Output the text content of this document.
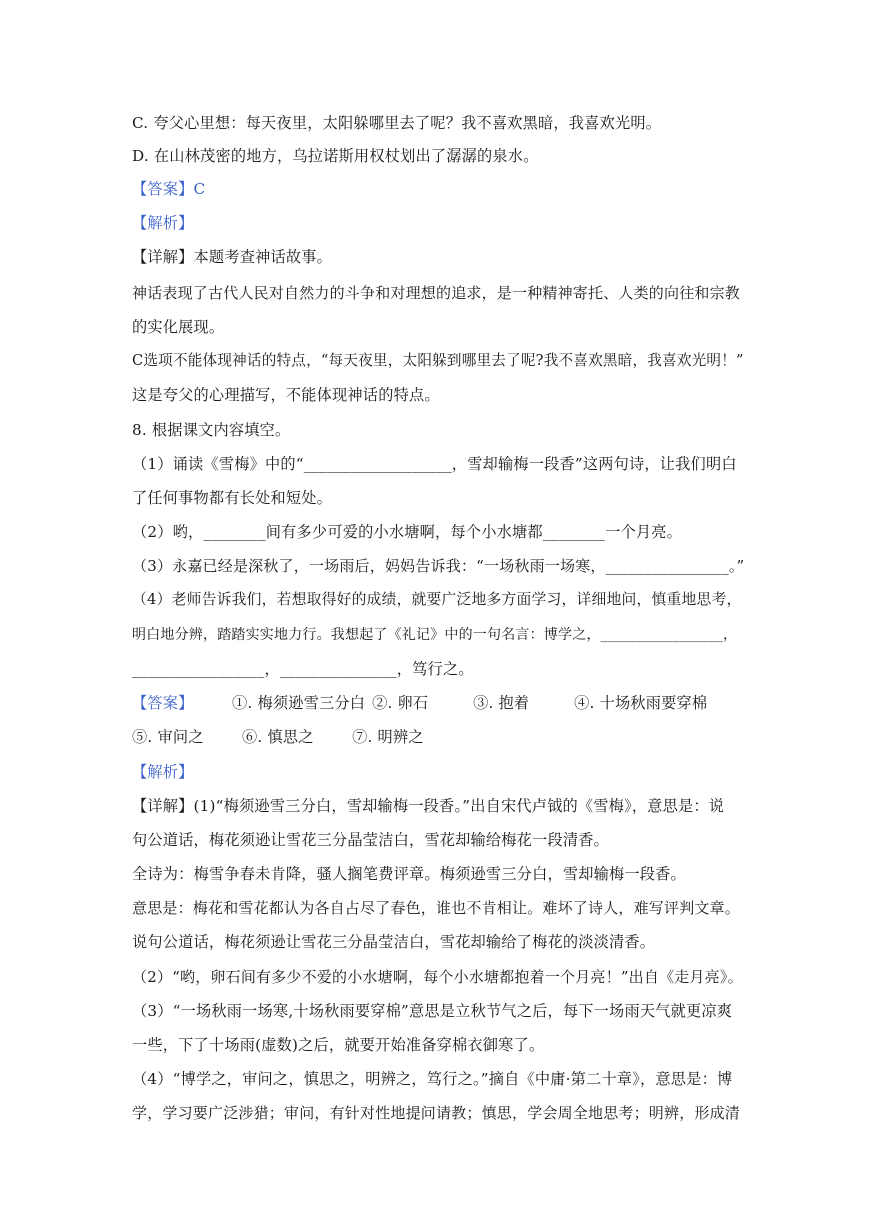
C. 夸父心里想：每天夜里，太阳躲哪里去了呢？我不喜欢黑暗，我喜欢光明。
D. 在山林茂密的地方，乌拉诺斯用权杖划出了潺潺的泉水。
【答案】C
【解析】
【详解】本题考查神话故事。
神话表现了古代人民对自然力的斗争和对理想的追求，是一种精神寄托、人类的向往和宗教
的实化展现。
C选项不能体现神话的特点，“每天夜里，太阳躲到哪里去了呢?我不喜欢黑暗，我喜欢光明！”
这是夸父的心理描写，不能体现神话的特点。
8. 根据课文内容填空。
（1）诵读《雪梅》中的“___________________，雪却输梅一段香”这两句诗，让我们明白
了任何事物都有长处和短处。
（2）哟，________间有多少可爱的小水塘啊，每个小水塘都________一个月亮。
（3）永嘉已经是深秋了，一场雨后，妈妈告诉我：“一场秋雨一场寒，________________。”
（4）老师告诉我们，若想取得好的成绩，就要广泛地多方面学习，详细地问，慎重地思考，
明白地分辨，踏踏实实地力行。我想起了《礼记》中的一句名言：博学之，_________________，
_________________，_______________，笃行之。
【答案】	①. 梅须逊雪三分白 ②. 卵石	③. 抱着	④. 十场秋雨要穿棉
⑤. 审问之	⑥. 慎思之	⑦. 明辨之
【解析】
【详解】(1)“梅须逊雪三分白，雪却输梅一段香。”出自宋代卢钺的《雪梅》，意思是：说
句公道话，梅花须逊让雪花三分晶莹洁白，雪花却输给梅花一段清香。
全诗为：梅雪争春未肯降，骚人搁笔费评章。梅须逊雪三分白，雪却输梅一段香。
意思是：梅花和雪花都认为各自占尽了春色，谁也不肯相让。难坏了诗人，难写评判文章。
说句公道话，梅花须逊让雪花三分晶莹洁白，雪花却输给了梅花的淡淡清香。
（2）“哟，卵石间有多少不爱的小水塘啊，每个小水塘都抱着一个月亮！”出自《走月亮》。
（3）“一场秋雨一场寒,十场秋雨要穿棉”意思是立秋节气之后，每下一场雨天气就更凉爽
一些，下了十场雨(虚数)之后，就要开始准备穿棉衣御寒了。
（4）“博学之，审问之，慎思之，明辨之，笃行之。”摘自《中庸·第二十章》，意思是：博
学，学习要广泛涉猎；审问，有针对性地提问请教；慎思，学会周全地思考；明辨，形成清
